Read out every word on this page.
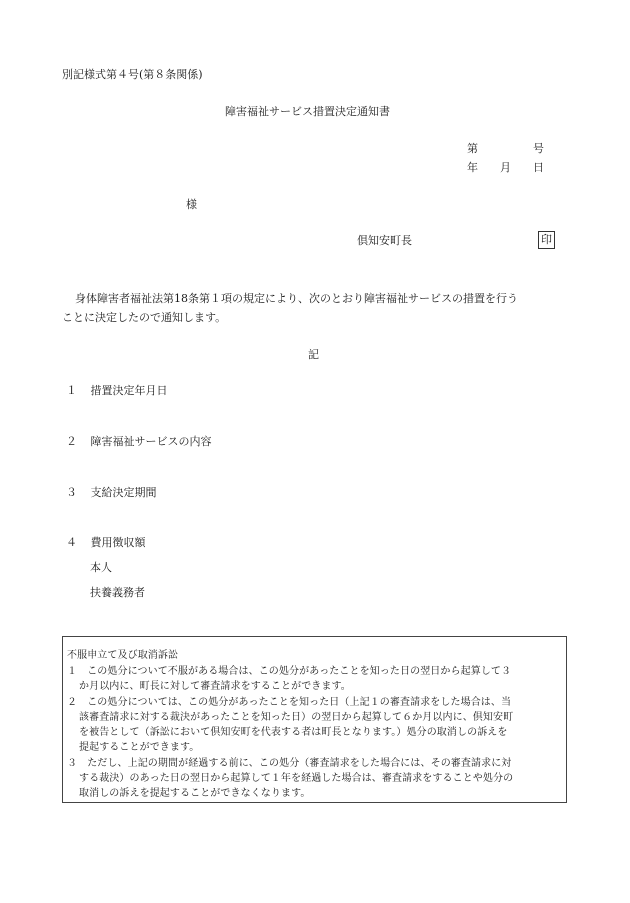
別記様式第４号(第８条関係)
障害福祉サービス措置決定通知書
第　　　　　号
年　　月　　日
様
倶知安町長	印
身体障害者福祉法第18条第１項の規定により、次のとおり障害福祉サービスの措置を行う
ことに決定したので通知します。
記
１ 措置決定年月日
２ 障害福祉サービスの内容
３ 支給決定期間
４ 費用徴収額
本人
扶養義務者
不服申立て及び取消訴訟
１　この処分について不服がある場合は、この処分があったことを知った日の翌日から起算して３
か月以内に、町長に対して審査請求をすることができます。
２　この処分については、この処分があったことを知った日（上記１の審査請求をした場合は、当
該審査請求に対する裁決があったことを知った日）の翌日から起算して６か月以内に、倶知安町
を被告として（訴訟において倶知安町を代表する者は町長となります。）処分の取消しの訴えを
提起することができます。
３　ただし、上記の期間が経過する前に、この処分（審査請求をした場合には、その審査請求に対
する裁決）のあった日の翌日から起算して１年を経過した場合は、審査請求をすることや処分の
取消しの訴えを提起することができなくなります。
